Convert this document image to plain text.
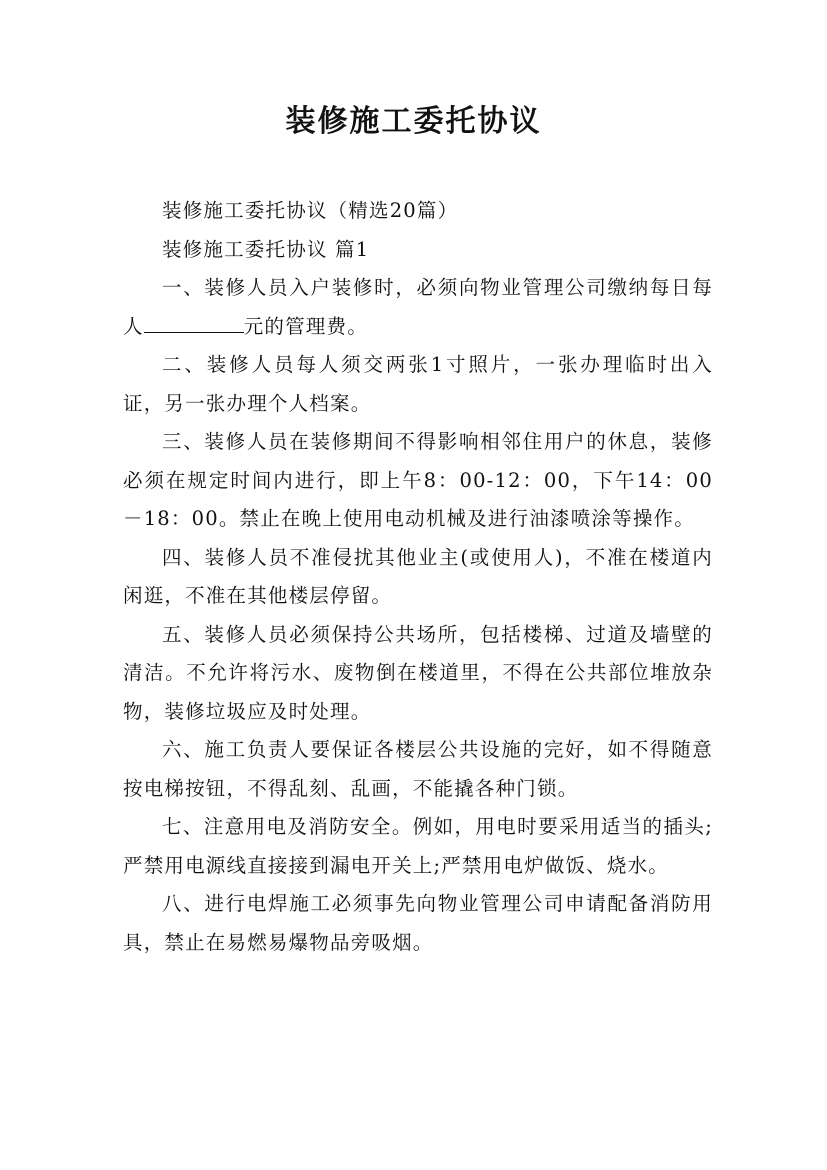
装修施工委托协议

装修施工委托协议（精选20篇）

装修施工委托协议 篇1

一、装修人员入户装修时，必须向物业管理公司缴纳每日每人	元的管理费。

二、装修人员每人须交两张1寸照片，一张办理临时出入证，另一张办理个人档案。

三、装修人员在装修期间不得影响相邻住用户的休息，装修必须在规定时间内进行，即上午8：00-12：00，下午14：00－18：00。禁止在晚上使用电动机械及进行油漆喷涂等操作。

四、装修人员不准侵扰其他业主(或使用人)，不准在楼道内闲逛，不准在其他楼层停留。

五、装修人员必须保持公共场所，包括楼梯、过道及墙壁的清洁。不允许将污水、废物倒在楼道里，不得在公共部位堆放杂物，装修垃圾应及时处理。

六、施工负责人要保证各楼层公共设施的完好，如不得随意按电梯按钮，不得乱刻、乱画，不能撬各种门锁。

七、注意用电及消防安全。例如，用电时要采用适当的插头;严禁用电源线直接接到漏电开关上;严禁用电炉做饭、烧水。

八、进行电焊施工必须事先向物业管理公司申请配备消防用具，禁止在易燃易爆物品旁吸烟。
